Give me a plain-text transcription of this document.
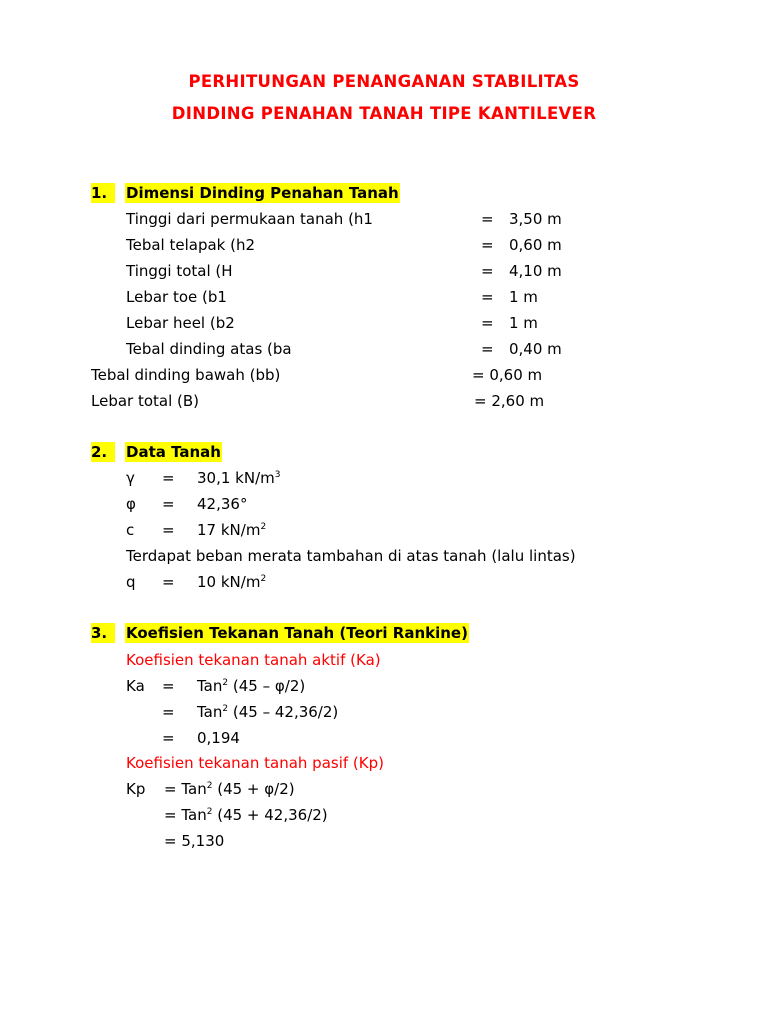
PERHITUNGAN PENANGANAN STABILITAS
DINDING PENAHAN TANAH TIPE KANTILEVER
1.	Dimensi Dinding Penahan Tanah
Tinggi dari permukaan tanah (h1	= 3,50 m
Tebal telapak (h2	= 0,60 m
Tinggi total (H	= 4,10 m
Lebar toe (b1	= 1 m
Lebar heel (b2	= 1 m
Tebal dinding atas (ba	= 0,40 m
Tebal dinding bawah (bb)	= 0,60 m
Lebar total (B)	= 2,60 m
2.	Data Tanah
γ = 30,1 $kN/m^3$
φ = 42,36°
c = 17 $kN/m^2$
Terdapat beban merata tambahan di atas tanah (lalu lintas)
q = 10 $kN/m^2$
3.	Koefisien Tekanan Tanah (Teori Rankine)
Koefisien tekanan tanah aktif (Ka)
Ka = Tan$^2$ (45 – φ/2)
= Tan$^2$ (45 – 42,36/2)
= 0,194
Koefisien tekanan tanah pasif (Kp)
Kp = Tan$^2$ (45 + φ/2)
= Tan$^2$ (45 + 42,36/2)
= 5,130
